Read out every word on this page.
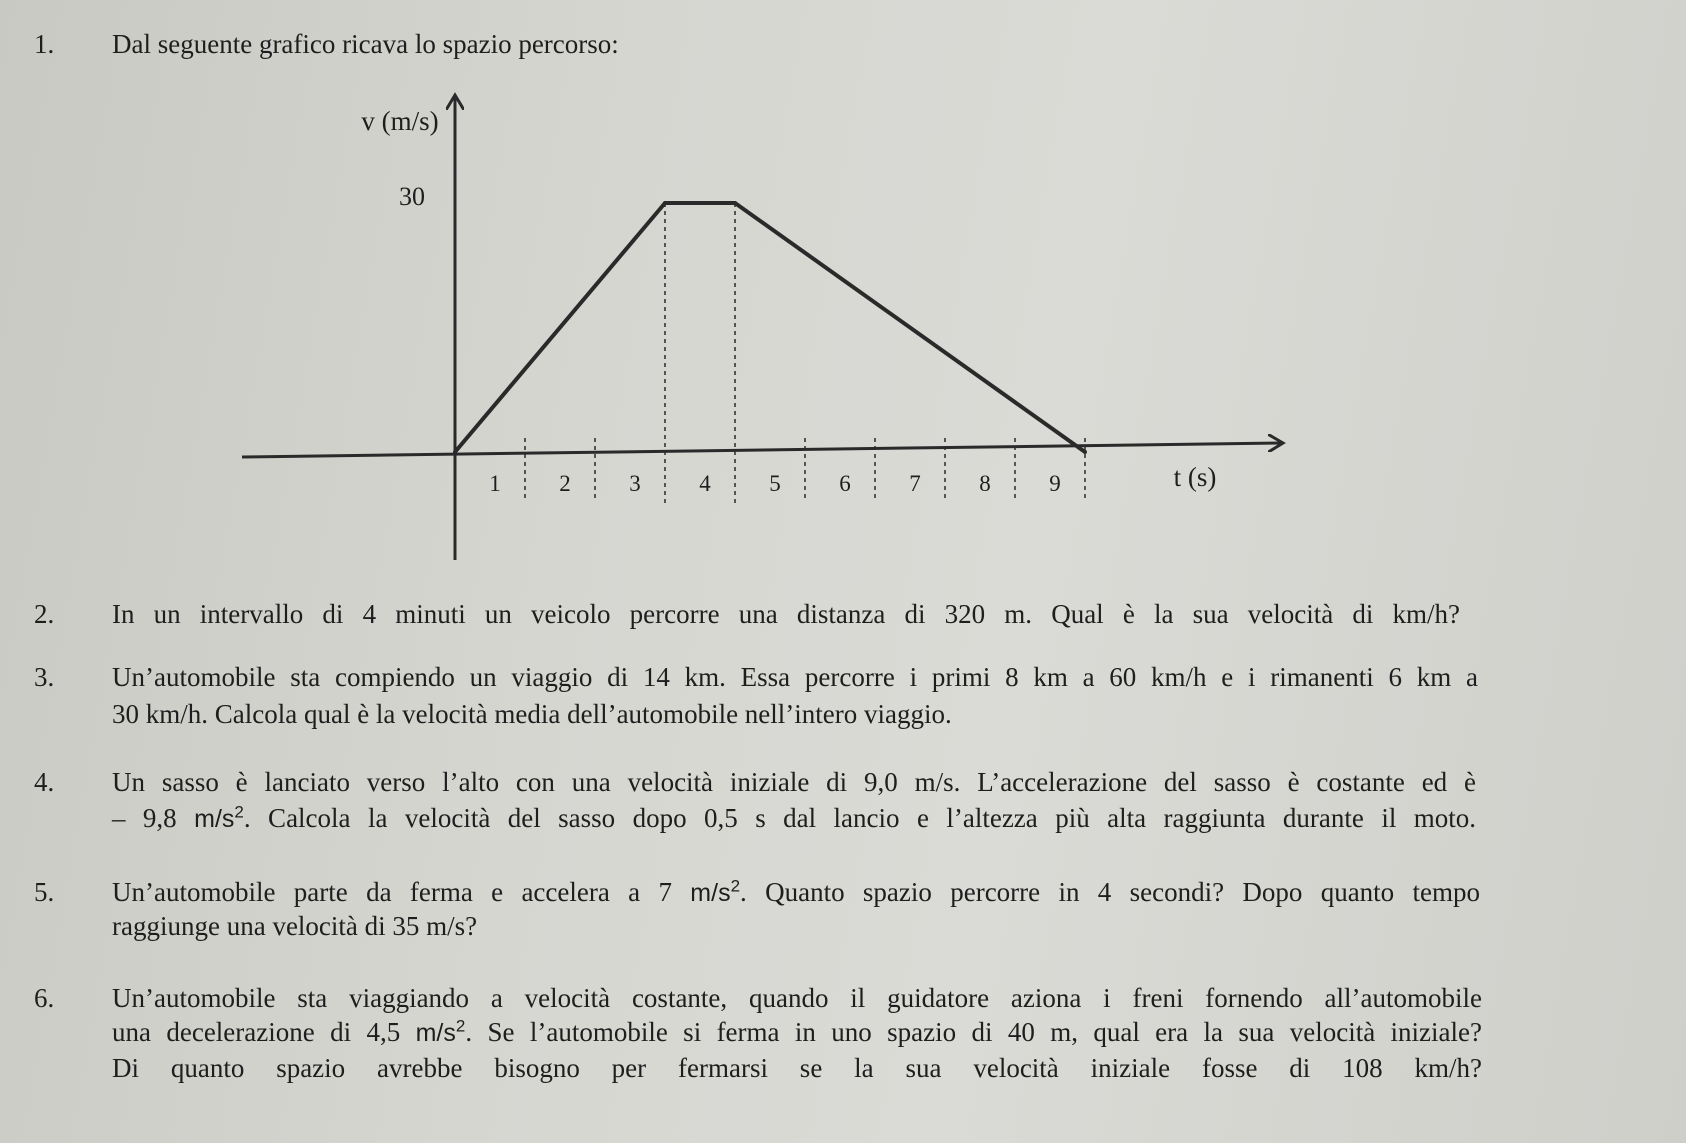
1. Dal seguente grafico ricava lo spazio percorso:
1	2	3	4	5	6	7	8	9
30
v (m/s)
t (s)
2. In un intervallo di 4 minuti un veicolo percorre una distanza di 320 m. Qual è la sua velocità di km/h?
3. Un’automobile sta compiendo un viaggio di 14 km. Essa percorre i primi 8 km a 60 km/h e i rimanenti 6 km a
30 km/h. Calcola qual è la velocità media dell’automobile nell’intero viaggio.
4. Un sasso è lanciato verso l’alto con una velocità iniziale di 9,0 m/s. L’accelerazione del sasso è costante ed è
– 9,8 $m/s^2$. Calcola la velocità del sasso dopo 0,5 s dal lancio e l’altezza più alta raggiunta durante il moto.
5. Un’automobile parte da ferma e accelera a 7 $m/s^2$. Quanto spazio percorre in 4 secondi? Dopo quanto tempo
raggiunge una velocità di 35 m/s?
6. Un’automobile sta viaggiando a velocità costante, quando il guidatore aziona i freni fornendo all’automobile
una decelerazione di 4,5 $m/s^2$. Se l’automobile si ferma in uno spazio di 40 m, qual era la sua velocità iniziale?
Di quanto spazio avrebbe bisogno per fermarsi se la sua velocità iniziale fosse di 108 km/h?
